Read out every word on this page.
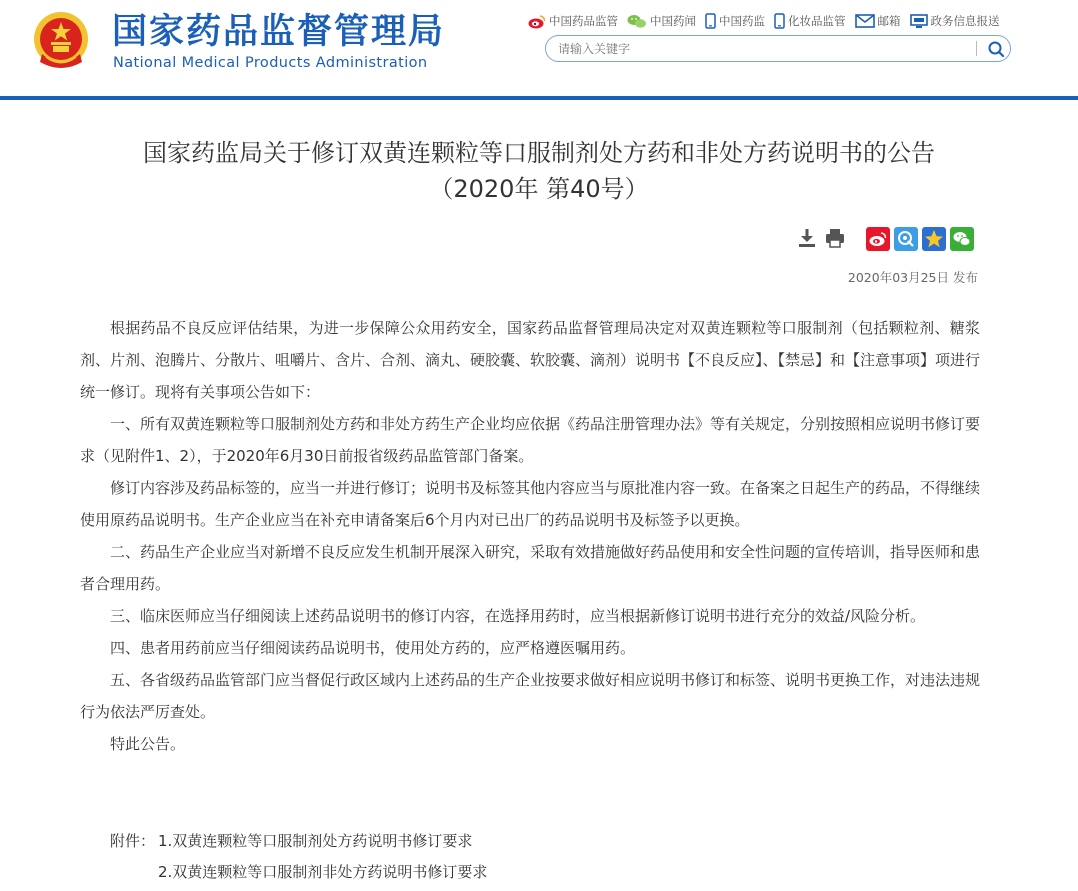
国家药品监督管理局
National Medical Products Administration
中国药品监管	中国药闻 中国药监 化妆品监管	邮箱	政务信息报送
请输入关键字
国家药监局关于修订双黄连颗粒等口服制剂处方药和非处方药说明书的公告
（2020年 第40号）
2020年03月25日 发布

根据药品不良反应评估结果，为进一步保障公众用药安全，国家药品监督管理局决定对双黄连颗粒等口服制剂（包括颗粒剂、糖浆剂、片剂、泡腾片、分散片、咀嚼片、含片、合剂、滴丸、硬胶囊、软胶囊、滴剂）说明书【不良反应】、【禁忌】和【注意事项】项进行统一修订。现将有关事项公告如下：

一、所有双黄连颗粒等口服制剂处方药和非处方药生产企业均应依据《药品注册管理办法》等有关规定，分别按照相应说明书修订要求（见附件1、2），于2020年6月30日前报省级药品监管部门备案。

修订内容涉及药品标签的，应当一并进行修订；说明书及标签其他内容应当与原批准内容一致。在备案之日起生产的药品，不得继续使用原药品说明书。生产企业应当在补充申请备案后6个月内对已出厂的药品说明书及标签予以更换。

二、药品生产企业应当对新增不良反应发生机制开展深入研究，采取有效措施做好药品使用和安全性问题的宣传培训，指导医师和患者合理用药。

三、临床医师应当仔细阅读上述药品说明书的修订内容，在选择用药时，应当根据新修订说明书进行充分的效益/风险分析。

四、患者用药前应当仔细阅读药品说明书，使用处方药的，应严格遵医嘱用药。

五、各省级药品监管部门应当督促行政区域内上述药品的生产企业按要求做好相应说明书修订和标签、说明书更换工作，对违法违规行为依法严厉查处。

特此公告。

附件： 1.双黄连颗粒等口服制剂处方药说明书修订要求
2.双黄连颗粒等口服制剂非处方药说明书修订要求
